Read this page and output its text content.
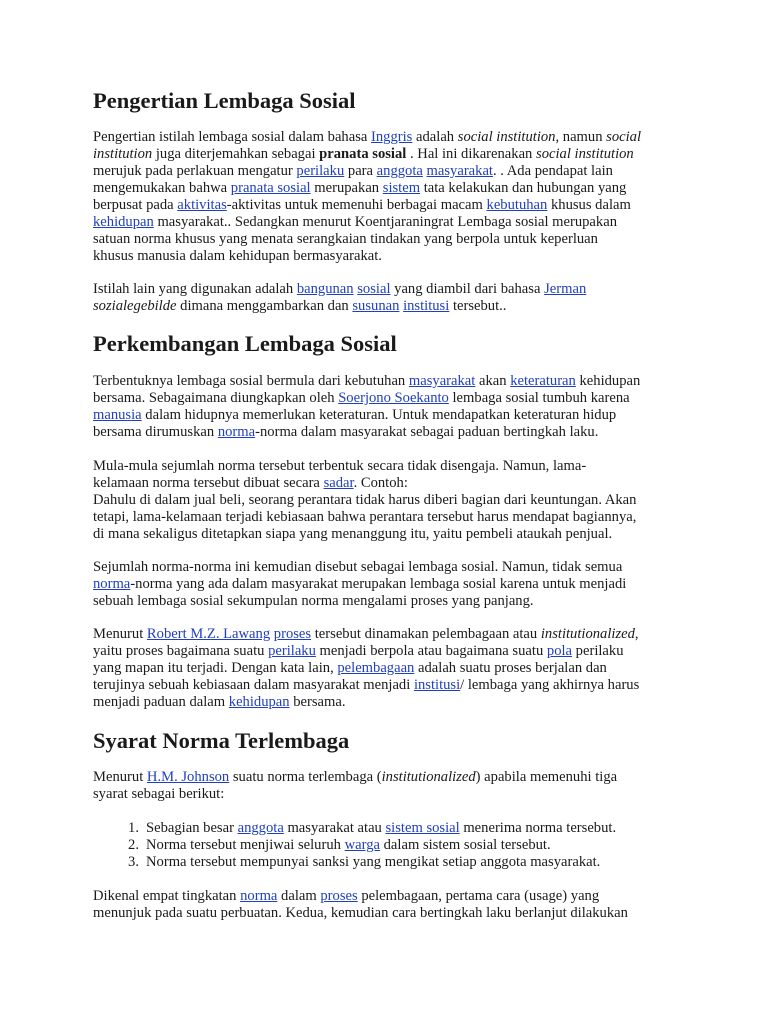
Pengertian Lembaga Sosial
Pengertian istilah lembaga sosial dalam bahasa Inggris adalah social institution, namun social
institution juga diterjemahkan sebagai pranata sosial . Hal ini dikarenakan social institution
merujuk pada perlakuan mengatur perilaku para anggota masyarakat. . Ada pendapat lain
mengemukakan bahwa pranata sosial merupakan sistem tata kelakukan dan hubungan yang
berpusat pada aktivitas-aktivitas untuk memenuhi berbagai macam kebutuhan khusus dalam
kehidupan masyarakat.. Sedangkan menurut Koentjaraningrat Lembaga sosial merupakan
satuan norma khusus yang menata serangkaian tindakan yang berpola untuk keperluan
khusus manusia dalam kehidupan bermasyarakat.
Istilah lain yang digunakan adalah bangunan sosial yang diambil dari bahasa Jerman
sozialegebilde dimana menggambarkan dan susunan institusi tersebut..
Perkembangan Lembaga Sosial
Terbentuknya lembaga sosial bermula dari kebutuhan masyarakat akan keteraturan kehidupan
bersama. Sebagaimana diungkapkan oleh Soerjono Soekanto lembaga sosial tumbuh karena
manusia dalam hidupnya memerlukan keteraturan. Untuk mendapatkan keteraturan hidup
bersama dirumuskan norma-norma dalam masyarakat sebagai paduan bertingkah laku.
Mula-mula sejumlah norma tersebut terbentuk secara tidak disengaja. Namun, lama-
kelamaan norma tersebut dibuat secara sadar. Contoh:
Dahulu di dalam jual beli, seorang perantara tidak harus diberi bagian dari keuntungan. Akan
tetapi, lama-kelamaan terjadi kebiasaan bahwa perantara tersebut harus mendapat bagiannya,
di mana sekaligus ditetapkan siapa yang menanggung itu, yaitu pembeli ataukah penjual.
Sejumlah norma-norma ini kemudian disebut sebagai lembaga sosial. Namun, tidak semua
norma-norma yang ada dalam masyarakat merupakan lembaga sosial karena untuk menjadi
sebuah lembaga sosial sekumpulan norma mengalami proses yang panjang.
Menurut Robert M.Z. Lawang proses tersebut dinamakan pelembagaan atau institutionalized,
yaitu proses bagaimana suatu perilaku menjadi berpola atau bagaimana suatu pola perilaku
yang mapan itu terjadi. Dengan kata lain, pelembagaan adalah suatu proses berjalan dan
terujinya sebuah kebiasaan dalam masyarakat menjadi institusi/ lembaga yang akhirnya harus
menjadi paduan dalam kehidupan bersama.
Syarat Norma Terlembaga
Menurut H.M. Johnson suatu norma terlembaga (institutionalized) apabila memenuhi tiga
syarat sebagai berikut:
1. Sebagian besar anggota masyarakat atau sistem sosial menerima norma tersebut.
2. Norma tersebut menjiwai seluruh warga dalam sistem sosial tersebut.
3. Norma tersebut mempunyai sanksi yang mengikat setiap anggota masyarakat.
Dikenal empat tingkatan norma dalam proses pelembagaan, pertama cara (usage) yang
menunjuk pada suatu perbuatan. Kedua, kemudian cara bertingkah laku berlanjut dilakukan
